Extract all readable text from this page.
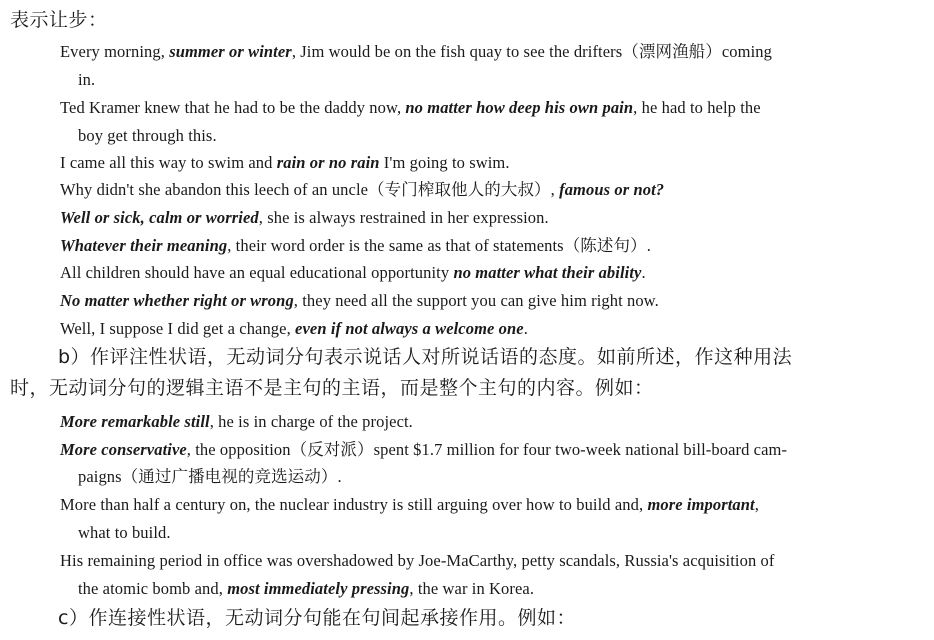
表示让步：
Every morning, summer or winter, Jim would be on the fish quay to see the drifters（漂网渔船）coming
in.
Ted Kramer knew that he had to be the daddy now, no matter how deep his own pain, he had to help the
boy get through this.
I came all this way to swim and rain or no rain I'm going to swim.
Why didn't she abandon this leech of an uncle（专门榨取他人的大叔）, famous or not?
Well or sick, calm or worried, she is always restrained in her expression.
Whatever their meaning, their word order is the same as that of statements（陈述句）.
All children should have an equal educational opportunity no matter what their ability.
No matter whether right or wrong, they need all the support you can give him right now.
Well, I suppose I did get a change, even if not always a welcome one.
b）作评注性状语，无动词分句表示说话人对所说话语的态度。如前所述，作这种用法
时，无动词分句的逻辑主语不是主句的主语，而是整个主句的内容。例如：
More remarkable still, he is in charge of the project.
More conservative, the opposition（反对派）spent $1.7 million for four two-week national bill-board cam-
paigns（通过广播电视的竞选运动）.
More than half a century on, the nuclear industry is still arguing over how to build and, more important,
what to build.
His remaining period in office was overshadowed by Joe-MaCarthy, petty scandals, Russia's acquisition of
the atomic bomb and, most immediately pressing, the war in Korea.
c）作连接性状语，无动词分句能在句间起承接作用。例如：
